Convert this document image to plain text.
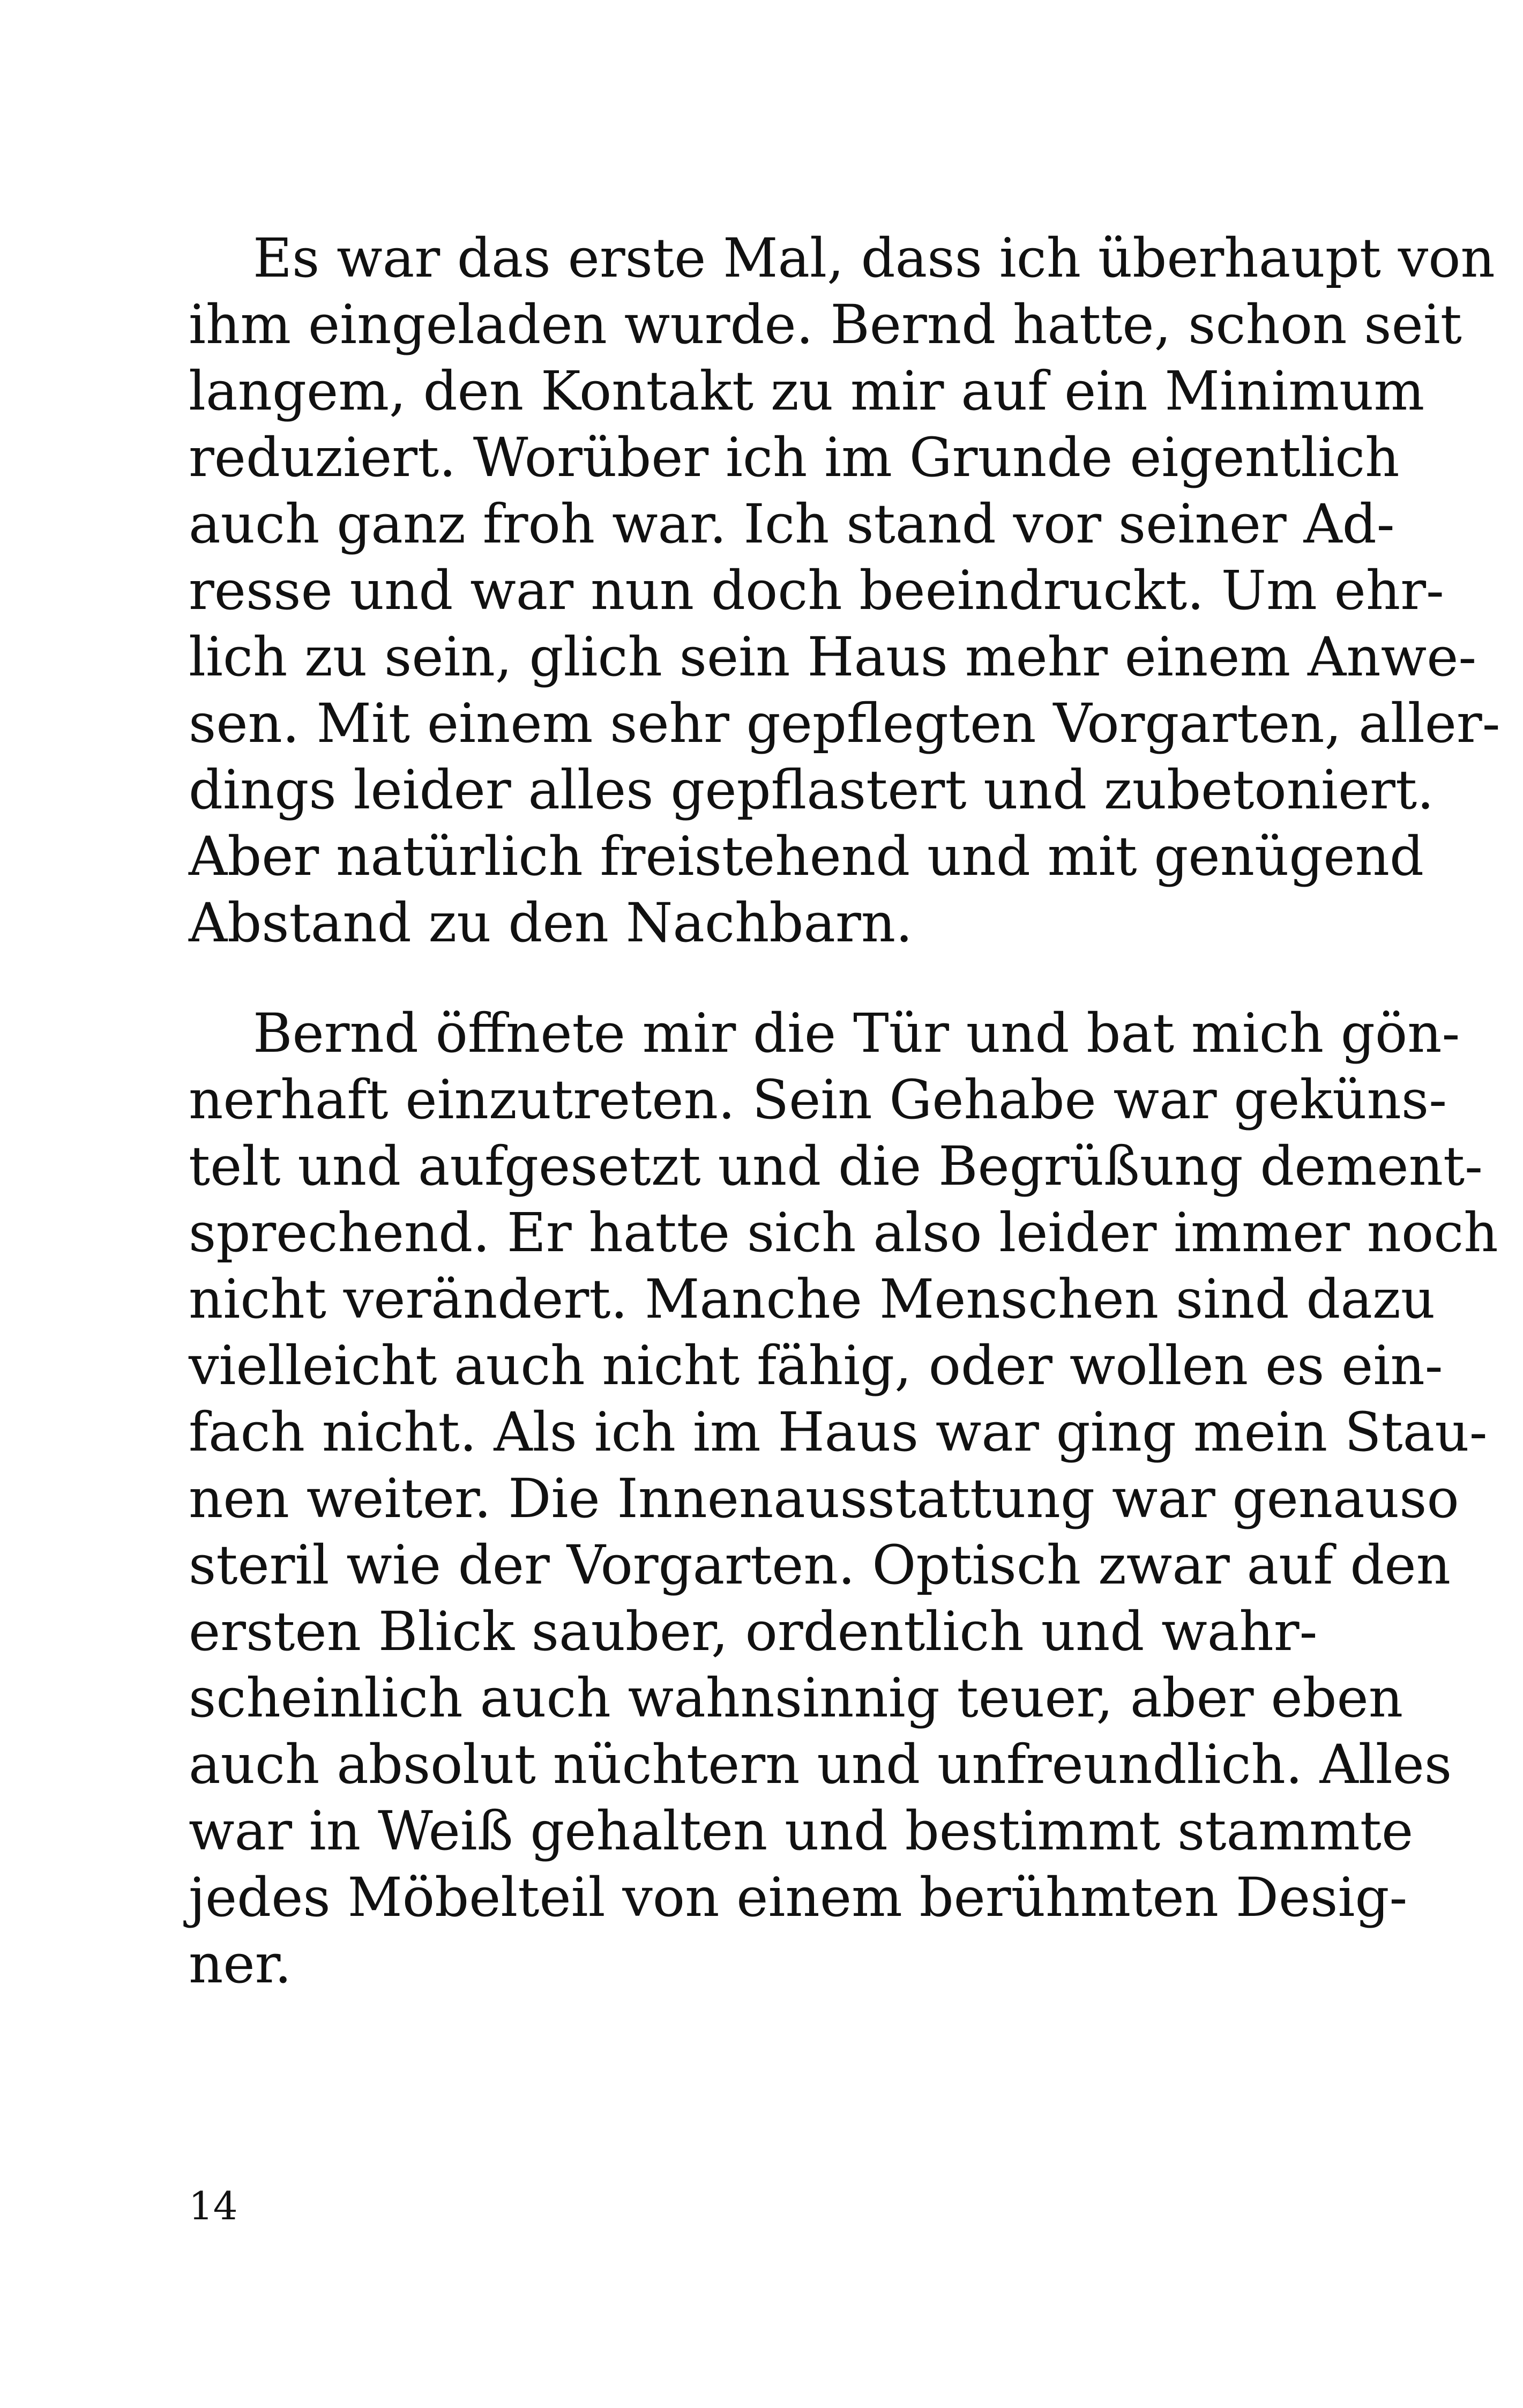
Es war das erste Mal, dass ich überhaupt von
ihm eingeladen wurde. Bernd hatte, schon seit
langem, den Kontakt zu mir auf ein Minimum
reduziert. Worüber ich im Grunde eigentlich
auch ganz froh war. Ich stand vor seiner Ad-
resse und war nun doch beeindruckt. Um ehr-
lich zu sein, glich sein Haus mehr einem Anwe-
sen. Mit einem sehr gepflegten Vorgarten, aller-
dings leider alles gepflastert und zubetoniert.
Aber natürlich freistehend und mit genügend
Abstand zu den Nachbarn.

Bernd öffnete mir die Tür und bat mich gön-
nerhaft einzutreten. Sein Gehabe war geküns-
telt und aufgesetzt und die Begrüßung dement-
sprechend. Er hatte sich also leider immer noch
nicht verändert. Manche Menschen sind dazu
vielleicht auch nicht fähig, oder wollen es ein-
fach nicht. Als ich im Haus war ging mein Stau-
nen weiter. Die Innenausstattung war genauso
steril wie der Vorgarten. Optisch zwar auf den
ersten Blick sauber, ordentlich und wahr-
scheinlich auch wahnsinnig teuer, aber eben
auch absolut nüchtern und unfreundlich. Alles
war in Weiß gehalten und bestimmt stammte
jedes Möbelteil von einem berühmten Desig-
ner.

14
